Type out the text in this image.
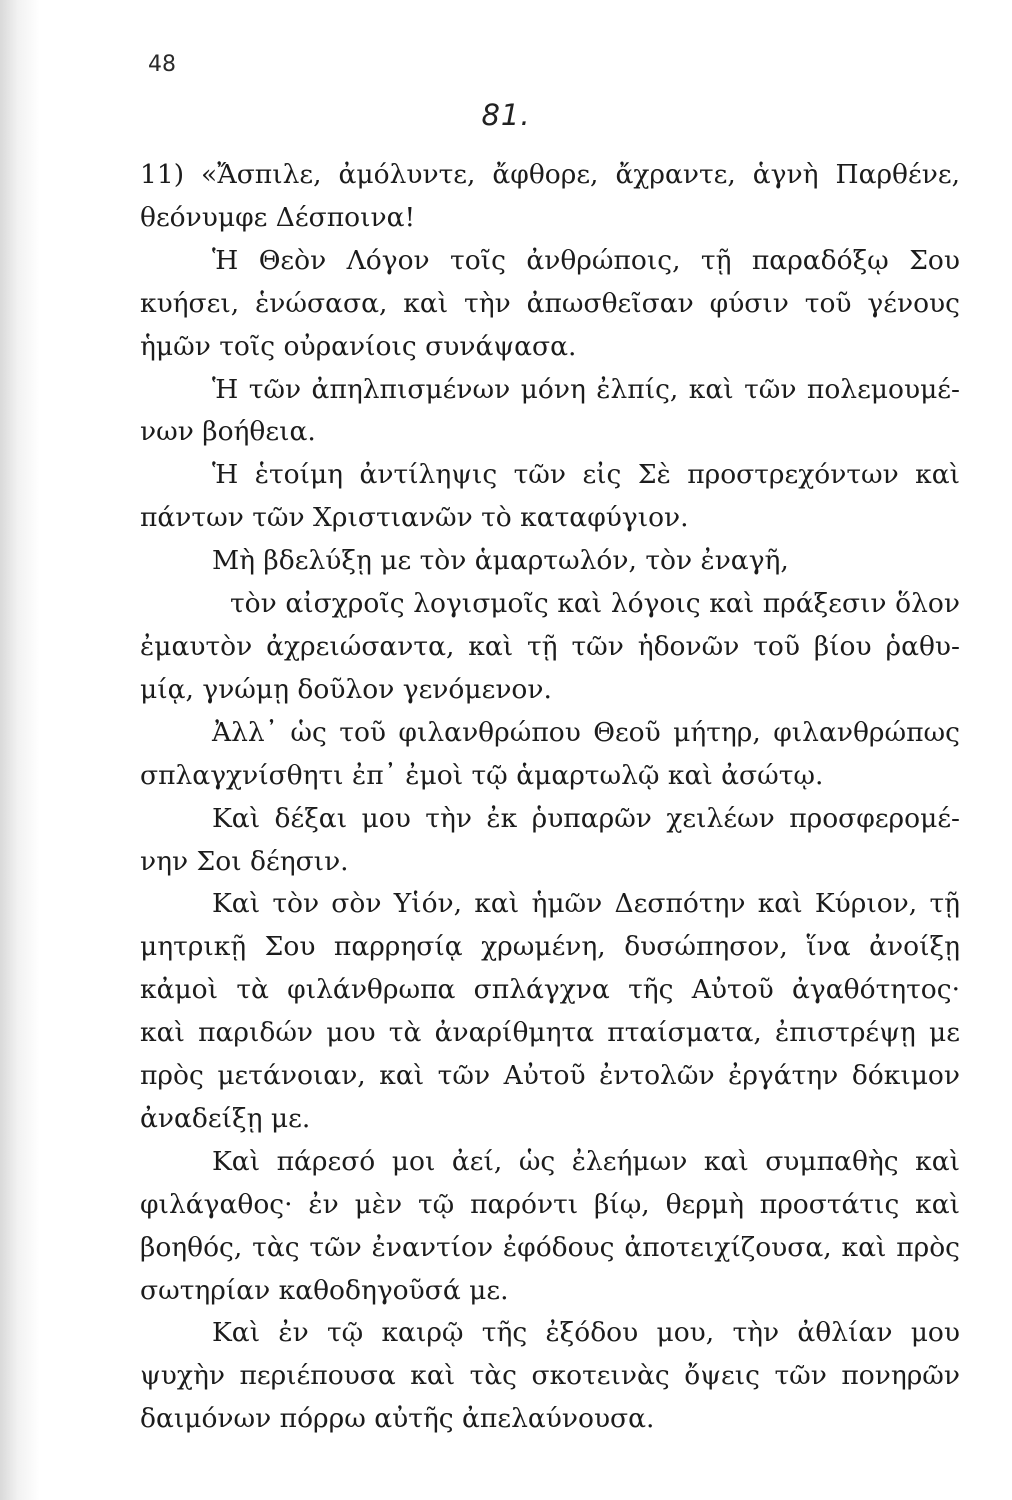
48
81.
11) «Ἄσπιλε, ἀμόλυντε, ἄφθορε, ἄχραντε, ἁγνὴ Παρθένε,
θεόνυμφε Δέσποινα!
Ἡ Θεὸν Λόγον τοῖς ἀνθρώποις, τῇ παραδόξῳ Σου
κυήσει, ἑνώσασα, καὶ τὴν ἀπωσθεῖσαν φύσιν τοῦ γένους
ἡμῶν τοῖς οὐρανίοις συνάψασα.
Ἡ τῶν ἀπηλπισμένων μόνη ἐλπίς, καὶ τῶν πολεμουμέ-
νων βοήθεια.
Ἡ ἑτοίμη ἀντίληψις τῶν εἰς Σὲ προστρεχόντων καὶ
πάντων τῶν Χριστιανῶν τὸ καταφύγιον.
Μὴ βδελύξῃ με τὸν ἁμαρτωλόν, τὸν ἐναγῆ,
τὸν αἰσχροῖς λογισμοῖς καὶ λόγοις καὶ πράξεσιν ὅλον
ἐμαυτὸν ἀχρειώσαντα, καὶ τῇ τῶν ἡδονῶν τοῦ βίου ῥαθυ-
μίᾳ, γνώμῃ δοῦλον γενόμενον.
Ἀλλ᾽ ὡς τοῦ φιλανθρώπου Θεοῦ μήτηρ, φιλανθρώπως
σπλαγχνίσθητι ἐπ᾽ ἐμοὶ τῷ ἁμαρτωλῷ καὶ ἀσώτῳ.
Καὶ δέξαι μου τὴν ἐκ ῥυπαρῶν χειλέων προσφερομέ-
νην Σοι δέησιν.
Καὶ τὸν σὸν Υἱόν, καὶ ἡμῶν Δεσπότην καὶ Κύριον, τῇ
μητρικῇ Σου παρρησίᾳ χρωμένη, δυσώπησον, ἵνα ἀνοίξῃ
κἀμοὶ τὰ φιλάνθρωπα σπλάγχνα τῆς Αὐτοῦ ἀγαθότητος·
καὶ παριδών μου τὰ ἀναρίθμητα πταίσματα, ἐπιστρέψῃ με
πρὸς μετάνοιαν, καὶ τῶν Αὐτοῦ ἐντολῶν ἐργάτην δόκιμον
ἀναδείξῃ με.
Καὶ πάρεσό μοι ἀεί, ὡς ἐλεήμων καὶ συμπαθὴς καὶ
φιλάγαθος· ἐν μὲν τῷ παρόντι βίῳ, θερμὴ προστάτις καὶ
βοηθός, τὰς τῶν ἐναντίον ἐφόδους ἀποτειχίζουσα, καὶ πρὸς
σωτηρίαν καθοδηγοῦσά με.
Καὶ ἐν τῷ καιρῷ τῆς ἐξόδου μου, τὴν ἀθλίαν μου
ψυχὴν περιέπουσα καὶ τὰς σκοτεινὰς ὄψεις τῶν πονηρῶν
δαιμόνων πόρρω αὐτῆς ἀπελαύνουσα.
